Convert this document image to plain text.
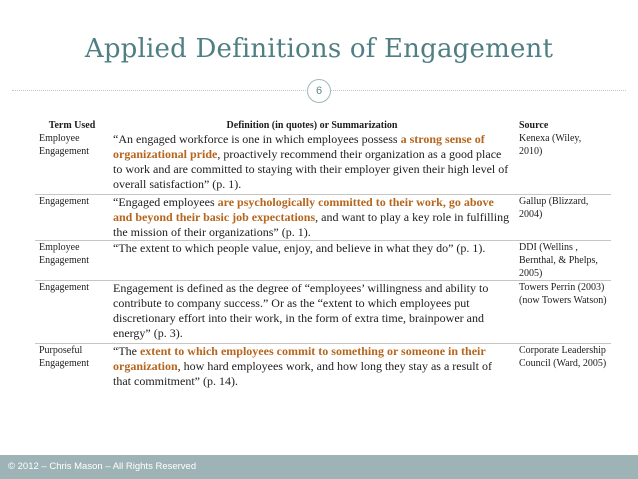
Applied Definitions of Engagement
6
Term Used	Definition (in quotes) or Summarization	Source
Employee Engagement	“An engaged workforce is one in which employees possess a strong sense of organizational pride, proactively recommend their organization as a good place to work and are committed to staying with their employer given their high level of overall satisfaction” (p. 1).	Kenexa (Wiley, 2010)
Engagement	“Engaged employees are psychologically committed to their work, go above and beyond their basic job expectations, and want to play a key role in fulfilling the mission of their organizations” (p. 1).	Gallup (Blizzard, 2004)
Employee Engagement	“The extent to which people value, enjoy, and believe in what they do” (p. 1).	DDI (Wellins , Bernthal, & Phelps, 2005)
Engagement	Engagement is defined as the degree of “employees’ willingness and ability to contribute to company success.” Or as the “extent to which employees put discretionary effort into their work, in the form of extra time, brainpower and energy” (p. 3).	Towers Perrin (2003) (now Towers Watson)
Purposeful Engagement	“The extent to which employees commit to something or someone in their organization, how hard employees work, and how long they stay as a result of that commitment” (p. 14).	Corporate Leadership Council (Ward, 2005)
© 2012 – Chris Mason – All Rights Reserved
